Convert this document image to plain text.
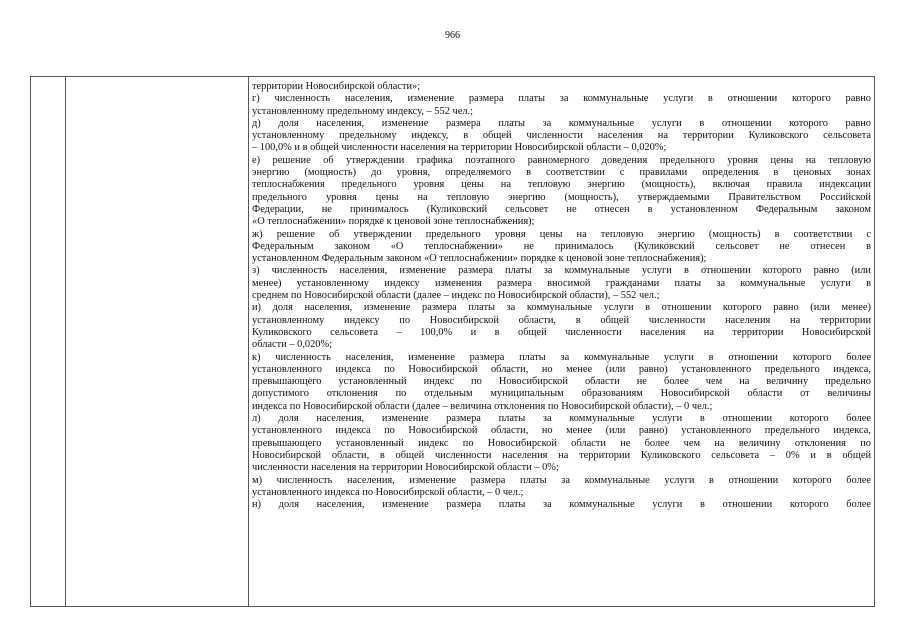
966
территории Новосибирской области»;
г) численность населения, изменение размера платы за коммунальные услуги в отношении которого равно
установленному предельному индексу, – 552 чел.;
д) доля населения, изменение размера платы за коммунальные услуги в отношении которого равно
установленному предельному индексу, в общей численности населения на территории Куликовского сельсовета
– 100,0% и в общей численности населения на территории Новосибирской области – 0,020%;
е) решение об утверждении графика поэтапного равномерного доведения предельного уровня цены на тепловую
энергию (мощность) до уровня, определяемого в соответствии с правилами определения в ценовых зонах
теплоснабжения предельного уровня цены на тепловую энергию (мощность), включая правила индексации
предельного уровня цены на тепловую энергию (мощность), утверждаемыми Правительством Российской
Федерации, не принималось (Куликовский сельсовет не отнесен в установленном Федеральным законом
«О теплоснабжении» порядке к ценовой зоне теплоснабжения);
ж) решение об утверждении предельного уровня цены на тепловую энергию (мощность) в соответствии с
Федеральным законом «О теплоснабжении» не принималось (Куликовский сельсовет не отнесен в
установленном Федеральным законом «О теплоснабжении» порядке к ценовой зоне теплоснабжения);
з) численность населения, изменение размера платы за коммунальные услуги в отношении которого равно (или
менее) установленному индексу изменения размера вносимой гражданами платы за коммунальные услуги в
среднем по Новосибирской области (далее – индекс по Новосибирской области), – 552 чел.;
и) доля населения, изменение размера платы за коммунальные услуги в отношении которого равно (или менее)
установленному индексу по Новосибирской области, в общей численности населения на территории
Куликовского сельсовета – 100,0% и в общей численности населения на территории Новосибирской
области – 0,020%;
к) численность населения, изменение размера платы за коммунальные услуги в отношении которого более
установленного индекса по Новосибирской области, но менее (или равно) установленного предельного индекса,
превышающего установленный индекс по Новосибирской области не более чем на величину предельно
допустимого отклонения по отдельным муниципальным образованиям Новосибирской области от величины
индекса по Новосибирской области (далее – величина отклонения по Новосибирской области), – 0 чел.;
л) доля населения, изменение размера платы за коммунальные услуги в отношении которого более
установленного индекса по Новосибирской области, но менее (или равно) установленного предельного индекса,
превышающего установленный индекс по Новосибирской области не более чем на величину отклонения по
Новосибирской области, в общей численности населения на территории Куликовского сельсовета – 0% и в общей
численности населения на территории Новосибирской области – 0%;
м) численность населения, изменение размера платы за коммунальные услуги в отношении которого более
установленного индекса по Новосибирской области, – 0 чел.;
н) доля населения, изменение размера платы за коммунальные услуги в отношении которого более
